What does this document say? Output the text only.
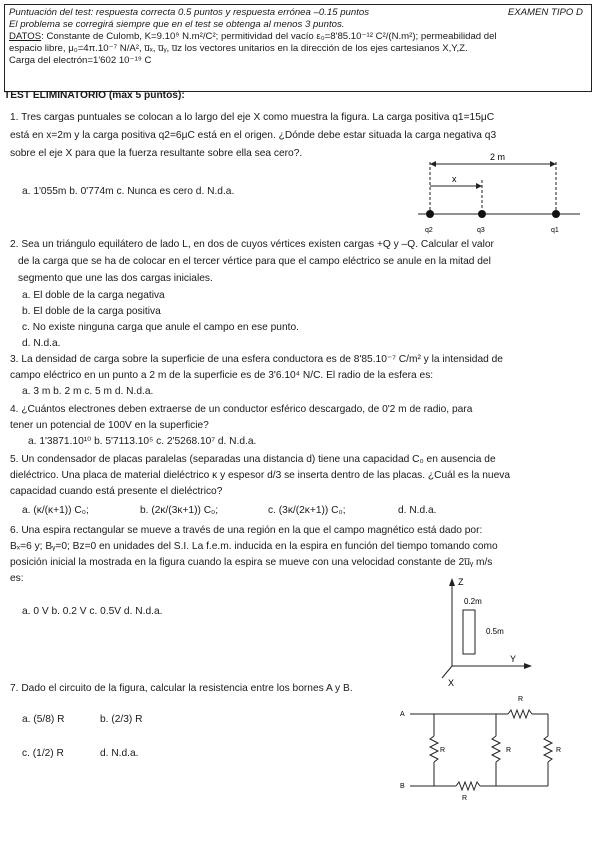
Puntuación del test: respuesta correcta 0.5 puntos y respuesta errónea –0.15 puntos	EXAMEN TIPO D
El problema se corregirá siempre que en el test se obtenga al menos 3 puntos.
DATOS: Constante de Culomb, K=9.10⁹ N.m²/C²; permitividad del vacío ε₀=8'85.10⁻¹² C²/(N.m²); permeabilidad del
espacio libre, μ₀=4π.10⁻⁷ N/A², u̅ₓ, u̅ᵧ, u̅z los vectores unitarios en la dirección de los ejes cartesianos X,Y,Z.
Carga del electrón=1'602 10⁻¹⁹ C
TEST ELIMINATORIO (max 5 puntos):
1. Tres cargas puntuales se colocan a lo largo del eje X como muestra la figura. La carga positiva q1=15μC
está en x=2m y la carga positiva q2=6μC está en el origen. ¿Dónde debe estar situada la carga negativa q3
sobre el eje X para que la fuerza resultante sobre ella sea cero?.
a. 1'055m b. 0'774m c. Nunca es cero d. N.d.a.
2 m
x
q2	q3	q1
2. Sea un triángulo equilátero de lado L, en dos de cuyos vértices existen cargas +Q y –Q. Calcular el valor
de la carga que se ha de colocar en el tercer vértice para que el campo eléctrico se anule en la mitad del
segmento que une las dos cargas iniciales.
a. El doble de la carga negativa
b. El doble de la carga positiva
c. No existe ninguna carga que anule el campo en ese punto.
d. N.d.a.
3. La densidad de carga sobre la superficie de una esfera conductora es de 8'85.10⁻⁷ C/m² y la intensidad de
campo eléctrico en un punto a 2 m de la superficie es de 3'6.10⁴ N/C. El radio de la esfera es:
a. 3 m b. 2 m c. 5 m d. N.d.a.
4. ¿Cuántos electrones deben extraerse de un conductor esférico descargado, de 0'2 m de radio, para
tener un potencial de 100V en la superficie?
a. 1'3871.10¹⁰ b. 5'7113.10⁵ c. 2'5268.10⁷ d. N.d.a.
5. Un condensador de placas paralelas (separadas una distancia d) tiene una capacidad C₀ en ausencia de
dieléctrico. Una placa de material dieléctrico κ y espesor d/3 se inserta dentro de las placas. ¿Cuál es la nueva
capacidad cuando está presente el dieléctrico?
a. (κ/(κ+1)) C₀;	b. (2κ/(3κ+1)) C₀;	c. (3κ/(2κ+1)) C₀;	d. N.d.a.
6. Una espira rectangular se mueve a través de una región en la que el campo magnético está dado por:
Bₓ=6 y; Bᵧ=0; Bz=0 en unidades del S.I. La f.e.m. inducida en la espira en función del tiempo tomando como
posición inicial la mostrada en la figura cuando la espira se mueve con una velocidad constante de 2u̅ᵧ m/s
es:
a. 0 V b. 0.2 V c. 0.5V d. N.d.a.
Z
Y
X
0.2m
0.5m
7. Dado el circuito de la figura, calcular la resistencia entre los bornes A y B.
a. (5/8) R	b. (2/3) R
c. (1/2) R	d. N.d.a.
A
B
R
R
R
R
R
